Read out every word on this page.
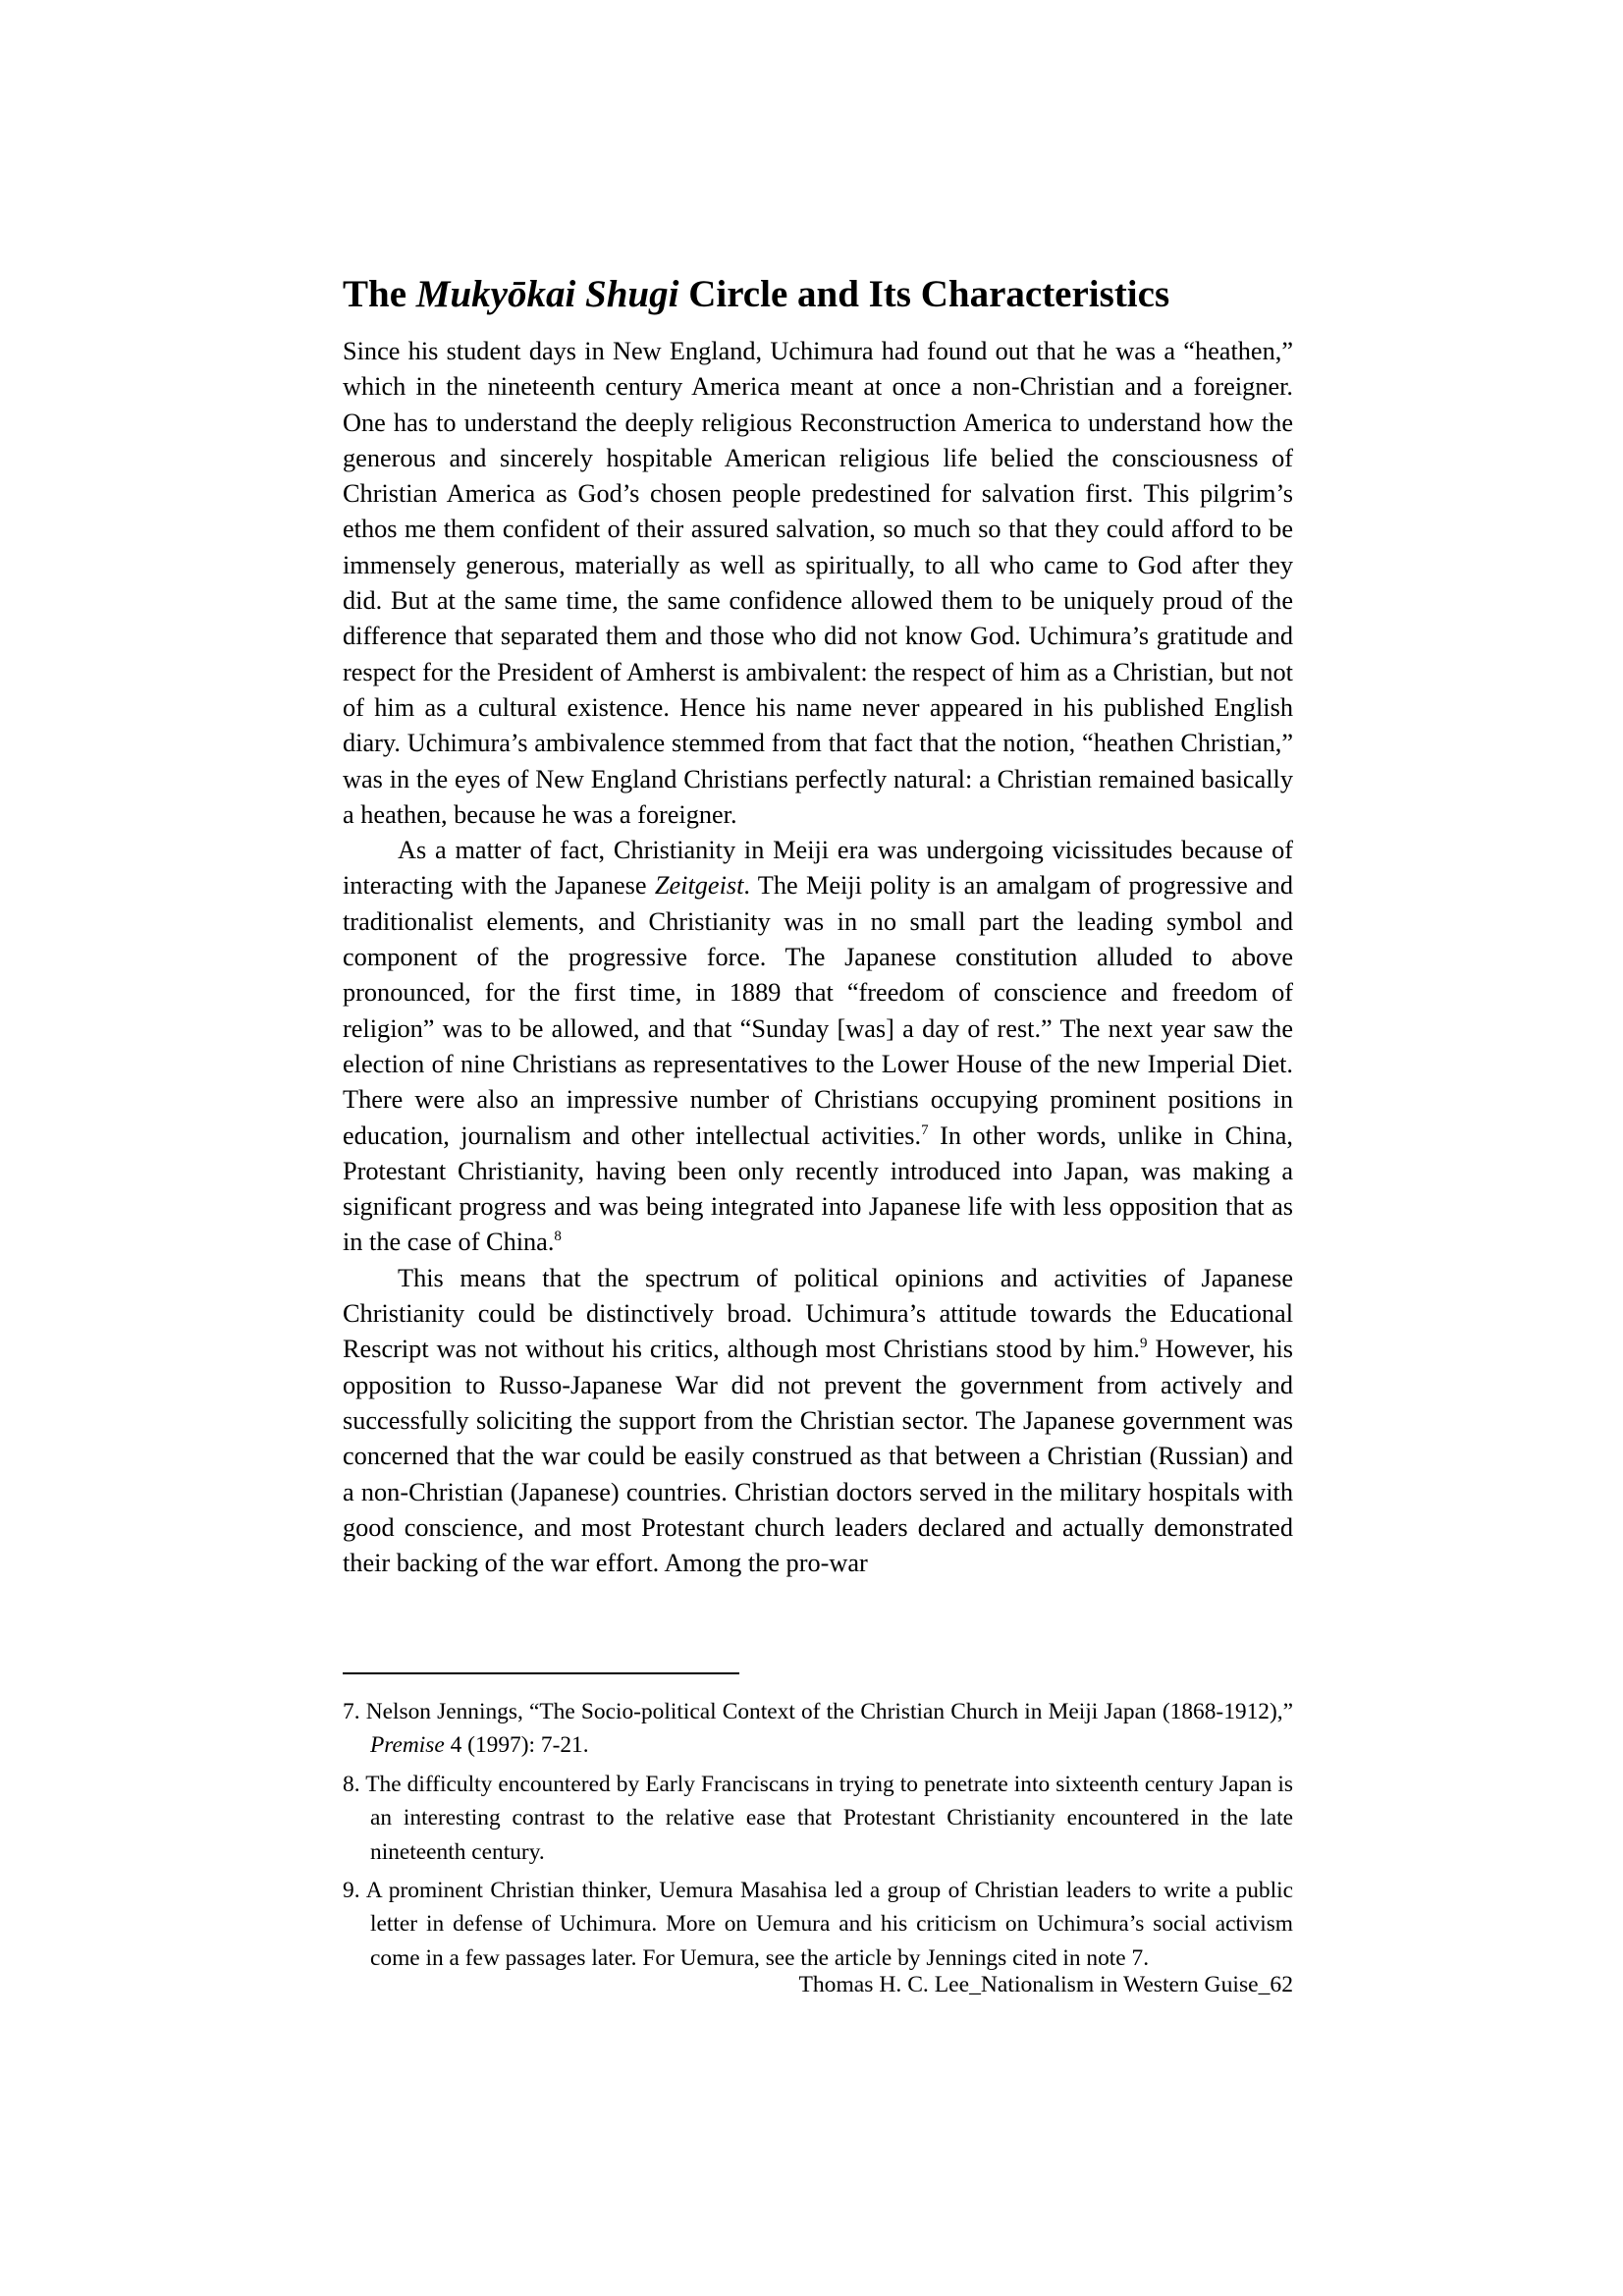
The Mukyōkai Shugi Circle and Its Characteristics

Since his student days in New England, Uchimura had found out that he was a “heathen,” which in the nineteenth century America meant at once a non-Christian and a foreigner. One has to understand the deeply religious Reconstruction America to understand how the generous and sincerely hospitable American religious life belied the consciousness of Christian America as God’s chosen people predestined for salvation first. This pilgrim’s ethos me them confident of their assured salvation, so much so that they could afford to be immensely generous, materially as well as spiritually, to all who came to God after they did. But at the same time, the same confidence allowed them to be uniquely proud of the difference that separated them and those who did not know God. Uchimura’s gratitude and respect for the President of Amherst is ambivalent: the respect of him as a Christian, but not of him as a cultural existence. Hence his name never appeared in his published English diary. Uchimura’s ambivalence stemmed from that fact that the notion, “heathen Christian,” was in the eyes of New England Christians perfectly natural: a Christian remained basically a heathen, because he was a foreigner.

As a matter of fact, Christianity in Meiji era was undergoing vicissitudes because of interacting with the Japanese Zeitgeist. The Meiji polity is an amalgam of progressive and traditionalist elements, and Christianity was in no small part the leading symbol and component of the progressive force. The Japanese constitution alluded to above pronounced, for the first time, in 1889 that “freedom of conscience and freedom of religion” was to be allowed, and that “Sunday [was] a day of rest.” The next year saw the election of nine Christians as representatives to the Lower House of the new Imperial Diet. There were also an impressive number of Christians occupying prominent positions in education, journalism and other intellectual activities.$^7$ In other words, unlike in China, Protestant Christianity, having been only recently introduced into Japan, was making a significant progress and was being integrated into Japanese life with less opposition that as in the case of China.$^8$

This means that the spectrum of political opinions and activities of Japanese Christianity could be distinctively broad. Uchimura’s attitude towards the Educational Rescript was not without his critics, although most Christians stood by him.$^9$ However, his opposition to Russo-Japanese War did not prevent the government from actively and successfully soliciting the support from the Christian sector. The Japanese government was concerned that the war could be easily construed as that between a Christian (Russian) and a non-Christian (Japanese) countries. Christian doctors served in the military hospitals with good conscience, and most Protestant church leaders declared and actually demonstrated their backing of the war effort. Among the pro-war

7. Nelson Jennings, “The Socio-political Context of the Christian Church in Meiji Japan (1868-1912),” Premise 4 (1997): 7-21.

8. The difficulty encountered by Early Franciscans in trying to penetrate into sixteenth century Japan is an interesting contrast to the relative ease that Protestant Christianity encountered in the late nineteenth century.

9. A prominent Christian thinker, Uemura Masahisa led a group of Christian leaders to write a public letter in defense of Uchimura. More on Uemura and his criticism on Uchimura’s social activism come in a few passages later. For Uemura, see the article by Jennings cited in note 7.

Thomas H. C. Lee_Nationalism in Western Guise_62
